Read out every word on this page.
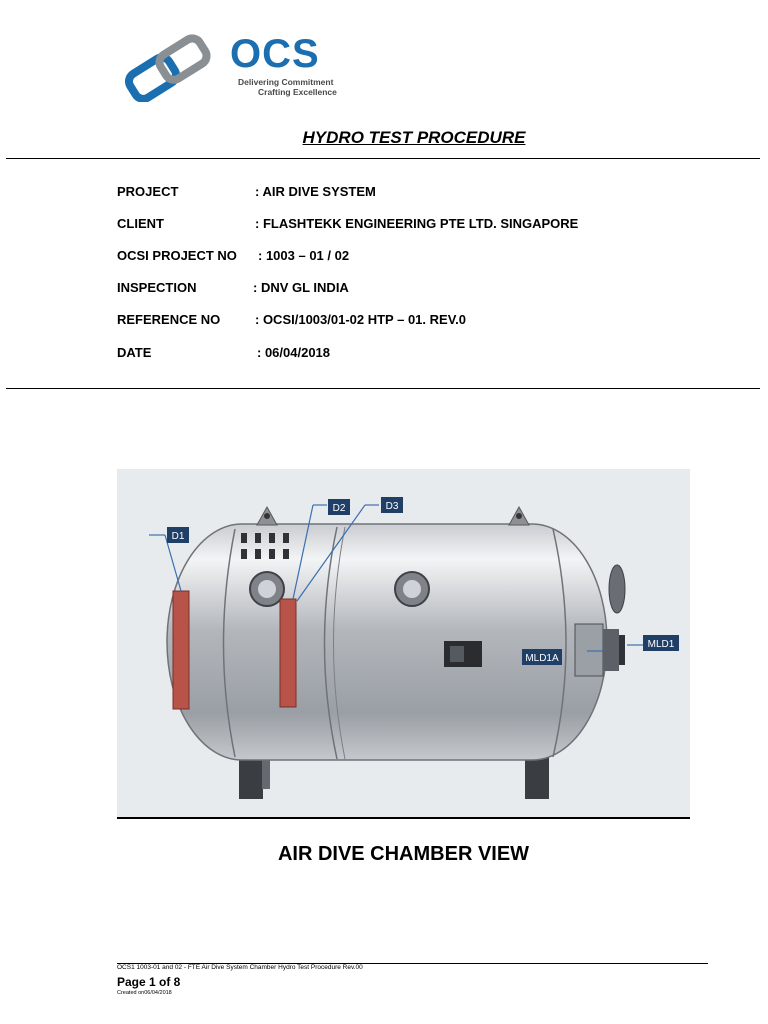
OCS
Delivering Commitment
Crafting Excellence
HYDRO TEST PROCEDURE
PROJECT	: AIR DIVE SYSTEM
CLIENT	: FLASHTEKK ENGINEERING PTE LTD. SINGAPORE
OCSI PROJECT NO : 1003 – 01 / 02
INSPECTION	: DNV GL INDIA
REFERENCE NO	: OCSI/1003/01-02 HTP – 01. REV.0
DATE	: 06/04/2018
D1
D2	D3
MLD1A
MLD1
AIR DIVE CHAMBER VIEW
OCS1 1003-01 and 02 - FTE Air Dive System Chamber Hydro Test Procedure Rev.00
Page 1 of 8
Created on06/04/2018
